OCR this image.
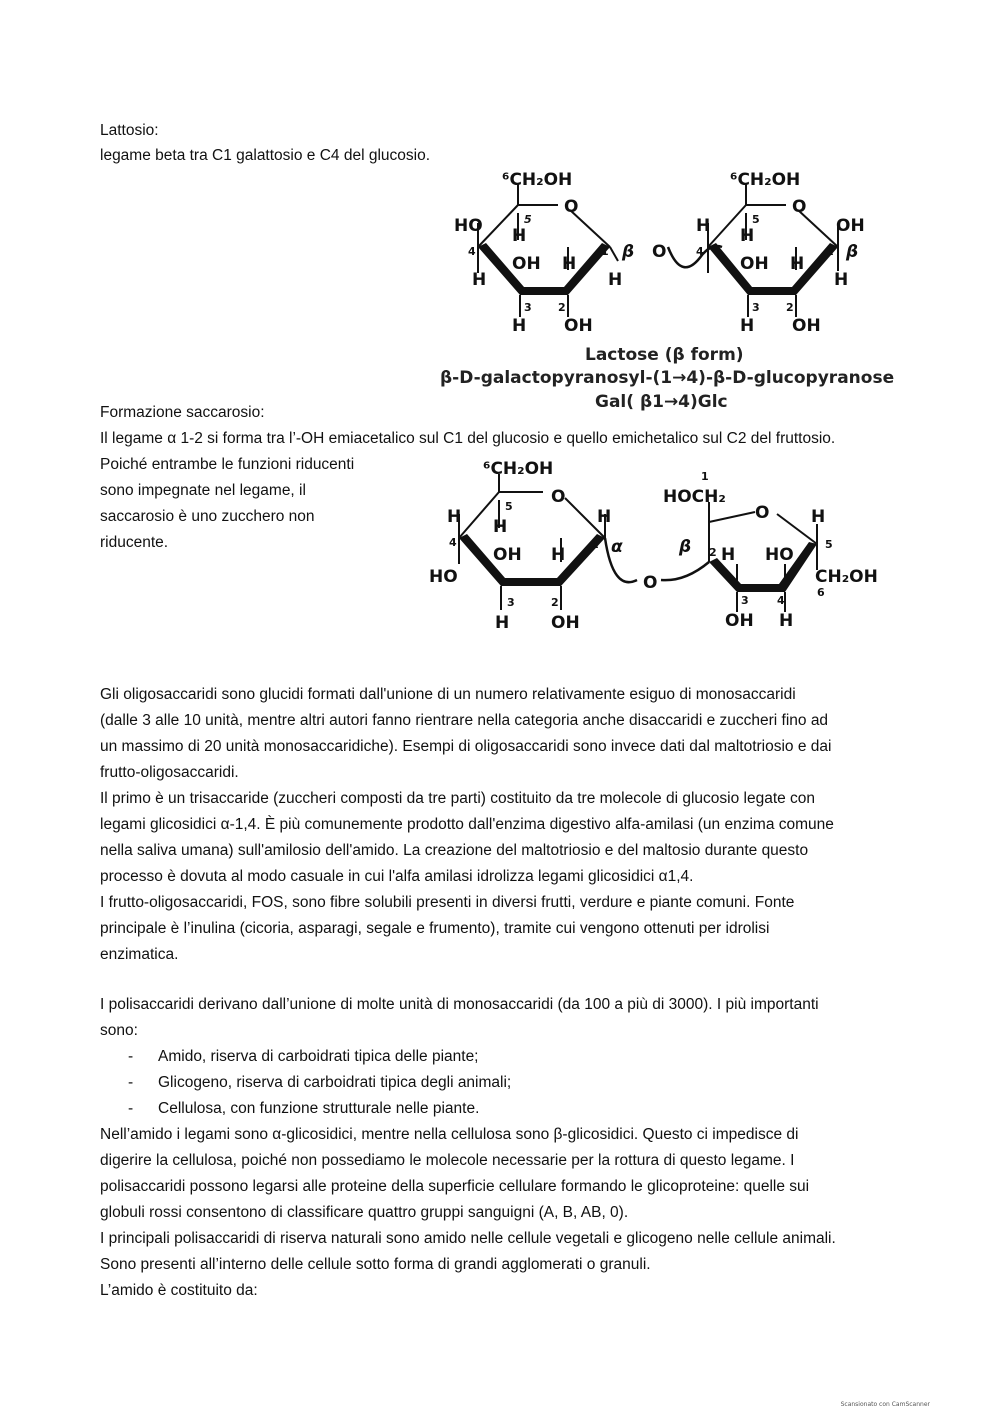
Lattosio:
legame beta tra C1 galattosio e C4 del glucosio.
⁶CH₂OH
O
5
HO H
4
OH H
H
1 β O
H
3 2
H OH
⁶CH₂OH
O
5
H	OH
H
4	1 β
OH H
H
3 2
H OH
Lactose (β form)
β-D-galactopyranosyl-(1→4)-β-D-glucopyranose
Gal( β1→4)Glc
Formazione saccarosio:
Il legame α 1-2 si forma tra l’-OH emiacetalico sul C1 del glucosio e quello emichetalico sul C2 del fruttosio.
Poiché entrambe le funzioni riducenti
sono impegnate nel legame, il
saccarosio è uno zucchero non
riducente.
⁶CH₂OH
O
5
H	H
H
4	1 α
OH H
HO	O
3	2
H OH
1
HOCH₂
O H
β 2 H HO
5
CH₂OH
6
3	4
OH H
Gli oligosaccaridi sono glucidi formati dall'unione di un numero relativamente esiguo di monosaccaridi
(dalle 3 alle 10 unità, mentre altri autori fanno rientrare nella categoria anche disaccaridi e zuccheri fino ad
un massimo di 20 unità monosaccaridiche). Esempi di oligosaccaridi sono invece dati dal maltotriosio e dai
frutto-oligosaccaridi.
Il primo è un trisaccaride (zuccheri composti da tre parti) costituito da tre molecole di glucosio legate con
legami glicosidici α-1,4. È più comunemente prodotto dall'enzima digestivo alfa-amilasi (un enzima comune
nella saliva umana) sull'amilosio dell'amido. La creazione del maltotriosio e del maltosio durante questo
processo è dovuta al modo casuale in cui l'alfa amilasi idrolizza legami glicosidici α1,4.
I frutto-oligosaccaridi, FOS, sono fibre solubili presenti in diversi frutti, verdure e piante comuni. Fonte
principale è l’inulina (cicoria, asparagi, segale e frumento), tramite cui vengono ottenuti per idrolisi
enzimatica.
I polisaccaridi derivano dall’unione di molte unità di monosaccaridi (da 100 a più di 3000). I più importanti
sono:
- Amido, riserva di carboidrati tipica delle piante;
- Glicogeno, riserva di carboidrati tipica degli animali;
- Cellulosa, con funzione strutturale nelle piante.
Nell’amido i legami sono α-glicosidici, mentre nella cellulosa sono β-glicosidici. Questo ci impedisce di
digerire la cellulosa, poiché non possediamo le molecole necessarie per la rottura di questo legame. I
polisaccaridi possono legarsi alle proteine della superficie cellulare formando le glicoproteine: quelle sui
globuli rossi consentono di classificare quattro gruppi sanguigni (A, B, AB, 0).
I principali polisaccaridi di riserva naturali sono amido nelle cellule vegetali e glicogeno nelle cellule animali.
Sono presenti all’interno delle cellule sotto forma di grandi agglomerati o granuli.
L’amido è costituito da:
Scansionato con CamScanner
